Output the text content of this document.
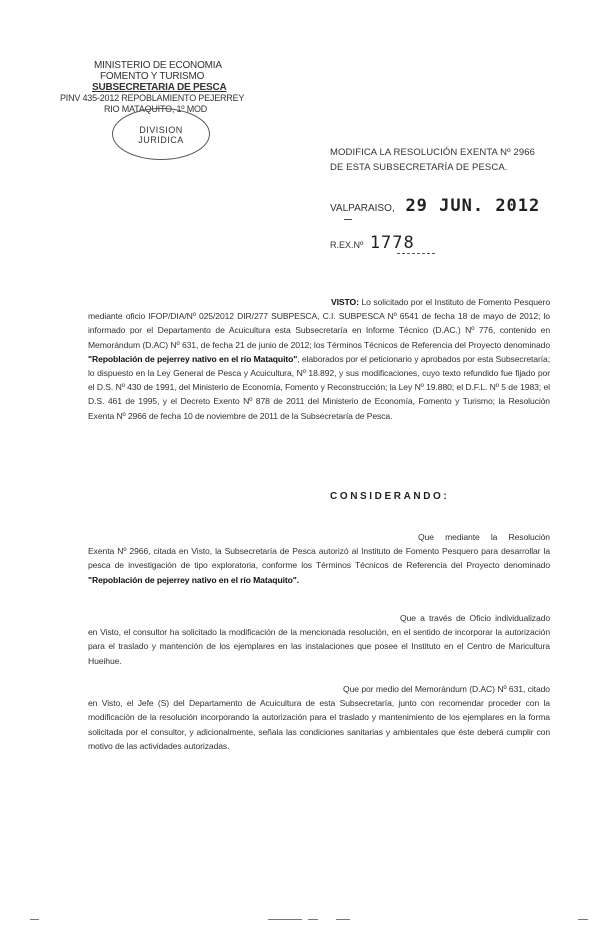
MINISTERIO DE ECONOMIA
FOMENTO Y TURISMO
SUBSECRETARIA DE PESCA
PINV 435-2012 REPOBLAMIENTO PEJERREY
RIO MATAQUITO, 1º MOD
DIVISION
JURIDICA
MODIFICA LA RESOLUCIÓN EXENTA Nº 2966 DE ESTA SUBSECRETARÍA DE PESCA.
VALPARAISO, 29 JUN. 2012
R.EX.Nº 1778
VISTO: Lo solicitado por el Instituto de Fomento Pesquero mediante oficio IFOP/DIA/Nº 025/2012 DIR/277 SUBPESCA, C.I. SUBPESCA Nº 6541 de fecha 18 de mayo de 2012; lo informado por el Departamento de Acuicultura esta Subsecretaría en Informe Técnico (D.AC.) Nº 776, contenido en Memorándum (D.AC) Nº 631, de fecha 21 de junio de 2012; los Términos Técnicos de Referencia del Proyecto denominado "Repoblación de pejerrey nativo en el río Mataquito", elaborados por el peticionario y aprobados por esta Subsecretaría; lo dispuesto en la Ley General de Pesca y Acuicultura, Nº 18.892, y sus modificaciones, cuyo texto refundido fue fijado por el D.S. Nº 430 de 1991, del Ministerio de Economía, Fomento y Reconstrucción; la Ley Nº 19.880; el D.F.L. Nº 5 de 1983; el D.S. 461 de 1995, y el Decreto Exento Nº 878 de 2011 del Ministerio de Economía, Fomento y Turismo; la Resolución Exenta Nº 2966 de fecha 10 de noviembre de 2011 de la Subsecretaría de Pesca.
CONSIDERANDO:
Que mediante la Resolución Exenta Nº 2966, citada en Visto, la Subsecretaría de Pesca autorizó al Instituto de Fomento Pesquero para desarrollar la pesca de investigación de tipo exploratoria, conforme los Términos Técnicos de Referencia del Proyecto denominado "Repoblación de pejerrey nativo en el río Mataquito".
Que a través de Oficio individualizado en Visto, el consultor ha solicitado la modificación de la mencionada resolución, en el sentido de incorporar la autorización para el traslado y mantención de los ejemplares en las instalaciones que posee el Instituto en el Centro de Maricultura Hueihue.
Que por medio del Memorándum (D.AC) Nº 631, citado en Visto, el Jefe (S) del Departamento de Acuicultura de esta Subsecretaría, junto con recomendar proceder con la modificación de la resolución incorporando la autorización para el traslado y mantenimiento de los ejemplares en la forma solicitada por el consultor, y adicionalmente, señala las condiciones sanitarias y ambientales que éste deberá cumplir con motivo de las actividades autorizadas.
